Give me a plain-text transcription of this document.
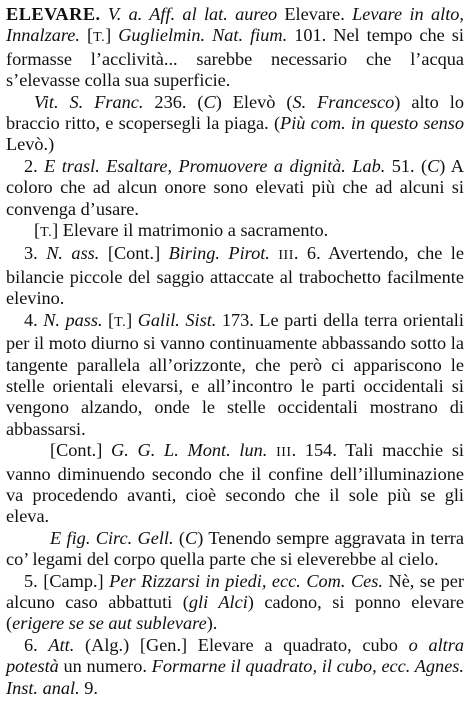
ELEVARE. V. a. Aff. al lat. aureo Elevare. Levare in alto, Innalzare. [T.] Guglielmin. Nat. fium. 101. Nel tempo che si formasse l’acclività... sarebbe necessario che l’acqua s’elevasse colla sua superficie.

Vit. S. Franc. 236. (C) Elevò (S. Francesco) alto lo braccio ritto, e scopersegli la piaga. (Più com. in questo senso Levò.)

2. E trasl. Esaltare, Promuovere a dignità. Lab. 51. (C) A coloro che ad alcun onore sono elevati più che ad alcuni si convenga d’usare.

[T.] Elevare il matrimonio a sacramento.

3. N. ass. [Cont.] Biring. Pirot. III. 6. Avertendo, che le bilancie piccole del saggio attaccate al trabochetto facilmente elevino.

4. N. pass. [T.] Galil. Sist. 173. Le parti della terra orientali per il moto diurno si vanno continuamente abbassando sotto la tangente parallela all’orizzonte, che però ci appariscono le stelle orientali elevarsi, e all’incontro le parti occidentali si vengono alzando, onde le stelle occidentali mostrano di abbassarsi.

[Cont.] G. G. L. Mont. lun. III. 154. Tali macchie si vanno diminuendo secondo che il confine dell’illuminazione va procedendo avanti, cioè secondo che il sole più se gli eleva.

E fig. Circ. Gell. (C) Tenendo sempre aggravata in terra co’ legami del corpo quella parte che si eleverebbe al cielo.

5. [Camp.] Per Rizzarsi in piedi, ecc. Com. Ces. Nè, se per alcuno caso abbattuti (gli Alci) cadono, si ponno elevare (erigere se se aut sublevare).

6. Att. (Alg.) [Gen.] Elevare a quadrato, cubo o altra potestà un numero. Formarne il quadrato, il cubo, ecc. Agnes. Inst. anal. 9.
